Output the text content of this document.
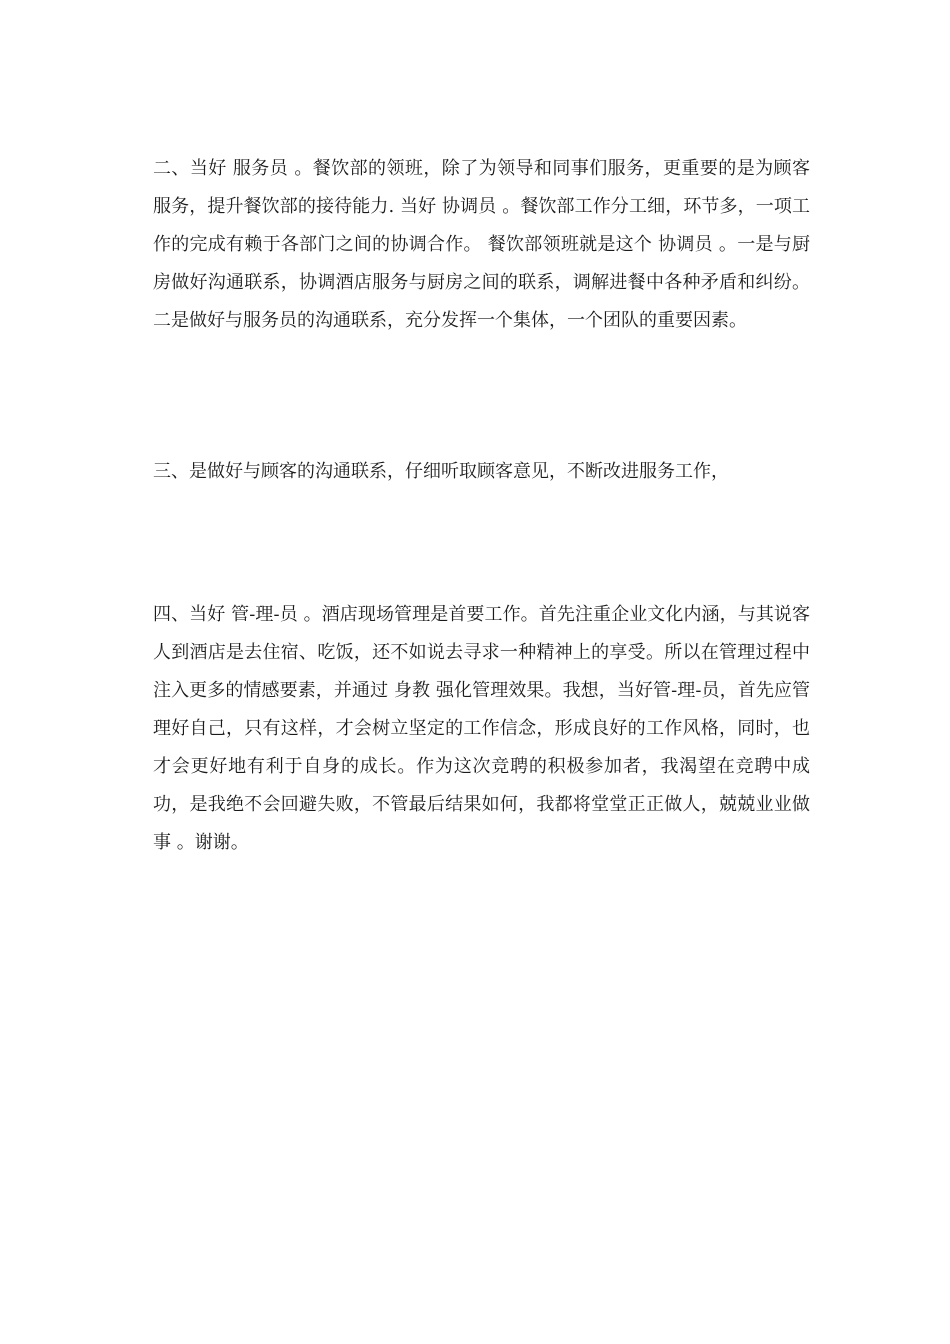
二、当好 服务员 。餐饮部的领班，除了为领导和同事们服务，更重要的是为顾客服务，提升餐饮部的接待能力. 当好 协调员 。餐饮部工作分工细，环节多，一项工作的完成有赖于各部门之间的协调合作。 餐饮部领班就是这个 协调员 。一是与厨房做好沟通联系，协调酒店服务与厨房之间的联系，调解进餐中各种矛盾和纠纷。二是做好与服务员的沟通联系，充分发挥一个集体，一个团队的重要因素。

三、是做好与顾客的沟通联系，仔细听取顾客意见，不断改进服务工作，

四、当好 管-理-员 。酒店现场管理是首要工作。首先注重企业文化内涵，与其说客人到酒店是去住宿、吃饭，还不如说去寻求一种精神上的享受。所以在管理过程中注入更多的情感要素，并通过 身教 强化管理效果。我想，当好管-理-员，首先应管理好自己，只有这样，才会树立坚定的工作信念，形成良好的工作风格，同时，也才会更好地有利于自身的成长。作为这次竞聘的积极参加者，我渴望在竞聘中成功，是我绝不会回避失败，不管最后结果如何，我都将堂堂正正做人，兢兢业业做事 。谢谢。
